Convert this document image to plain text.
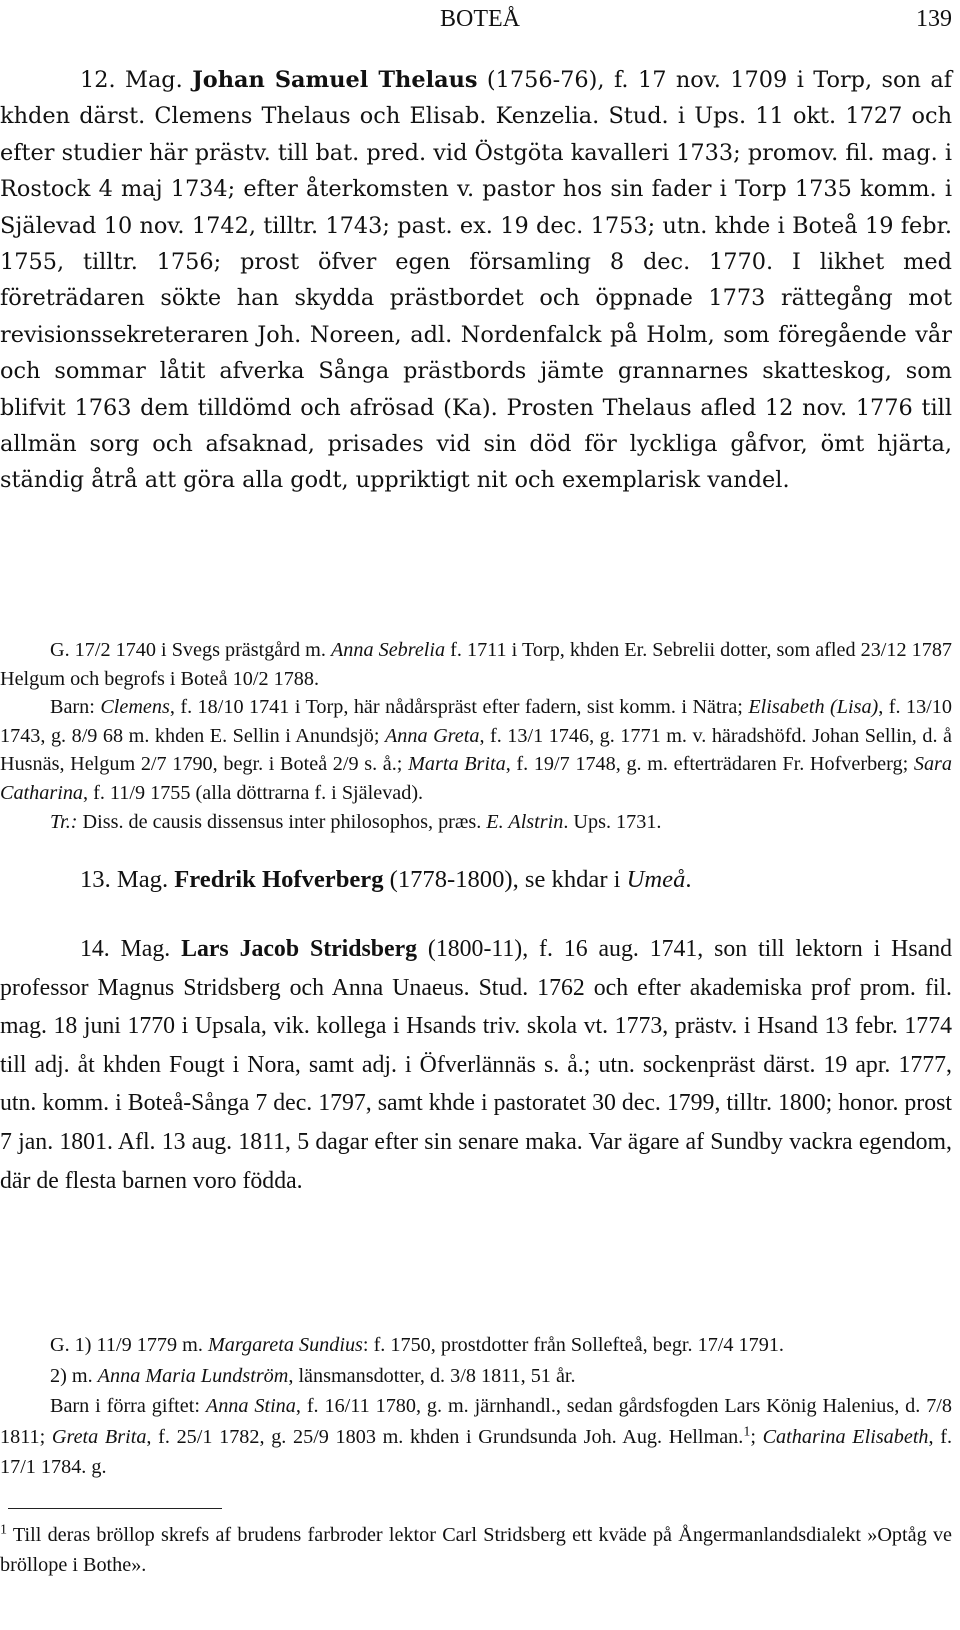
BOTEÅ	139

12. Mag. Johan Samuel Thelaus (1756-76), f. 17 nov. 1709 i Torp, son af khden därst. Clemens Thelaus och Elisab. Kenzelia. Stud. i Ups. 11 okt. 1727 och efter studier här prästv. till bat. pred. vid Östgöta kavalleri 1733; promov. fil. mag. i Rostock 4 maj 1734; efter återkomsten v. pastor hos sin fader i Torp 1735 komm. i Själevad 10 nov. 1742, tilltr. 1743; past. ex. 19 dec. 1753; utn. khde i Boteå 19 febr. 1755, tilltr. 1756; prost öfver egen församling 8 dec. 1770. I likhet med företrädaren sökte han skydda prästbordet och öppnade 1773 rättegång mot revisionssekreteraren Joh. Noreen, adl. Nordenfalck på Holm, som föregående vår och sommar låtit afverka Sånga prästbords jämte grannarnes skatteskog, som blifvit 1763 dem tilldömd och afrösad (Ka). Prosten Thelaus afled 12 nov. 1776 till allmän sorg och afsaknad, prisades vid sin död för lyckliga gåfvor, ömt hjärta, ständig åtrå att göra alla godt, uppriktigt nit och exemplarisk vandel.

G. 17/2 1740 i Svegs prästgård m. Anna Sebrelia f. 1711 i Torp, khden Er. Sebrelii dotter, som afled 23/12 1787 Helgum och begrofs i Boteå 10/2 1788.

Barn: Clemens, f. 18/10 1741 i Torp, här nådårspräst efter fadern, sist komm. i Nätra; Elisabeth (Lisa), f. 13/10 1743, g. 8/9 68 m. khden E. Sellin i Anundsjö; Anna Greta, f. 13/1 1746, g. 1771 m. v. häradshöfd. Johan Sellin, d. å Husnäs, Helgum 2/7 1790, begr. i Boteå 2/9 s. å.; Marta Brita, f. 19/7 1748, g. m. efterträdaren Fr. Hofverberg; Sara Catharina, f. 11/9 1755 (alla döttrarna f. i Själevad).

Tr.: Diss. de causis dissensus inter philosophos, præs. E. Alstrin. Ups. 1731.

13. Mag. Fredrik Hofverberg (1778-1800), se khdar i Umeå.

14. Mag. Lars Jacob Stridsberg (1800-11), f. 16 aug. 1741, son till lektorn i Hsand professor Magnus Stridsberg och Anna Unaeus. Stud. 1762 och efter akademiska prof prom. fil. mag. 18 juni 1770 i Upsala, vik. kollega i Hsands triv. skola vt. 1773, prästv. i Hsand 13 febr. 1774 till adj. åt khden Fougt i Nora, samt adj. i Öfverlännäs s. å.; utn. sockenpräst därst. 19 apr. 1777, utn. komm. i Boteå-Sånga 7 dec. 1797, samt khde i pastoratet 30 dec. 1799, tilltr. 1800; honor. prost 7 jan. 1801. Afl. 13 aug. 1811, 5 dagar efter sin senare maka. Var ägare af Sundby vackra egendom, där de flesta barnen voro födda.

$^1$ Till deras bröllop skrefs af brudens farbroder lektor Carl Stridsberg ett kväde på Ångermanlandsdialekt »Optåg ve bröllope i Bothe».

G. 1) 11/9 1779 m. Margareta Sundius: f. 1750, prostdotter från Sollefteå, begr. 17/4 1791.

2) m. Anna Maria Lundström, länsmansdotter, d. 3/8 1811, 51 år.

Barn i förra giftet: Anna Stina, f. 16/11 1780, g. m. järnhandl., sedan gårdsfogden Lars König Halenius, d. 7/8 1811; Greta Brita, f. 25/1 1782, g. 25/9 1803 m. khden i Grundsunda Joh. Aug. Hellman.$^1$; Catharina Elisabeth, f. 17/1 1784. g.
